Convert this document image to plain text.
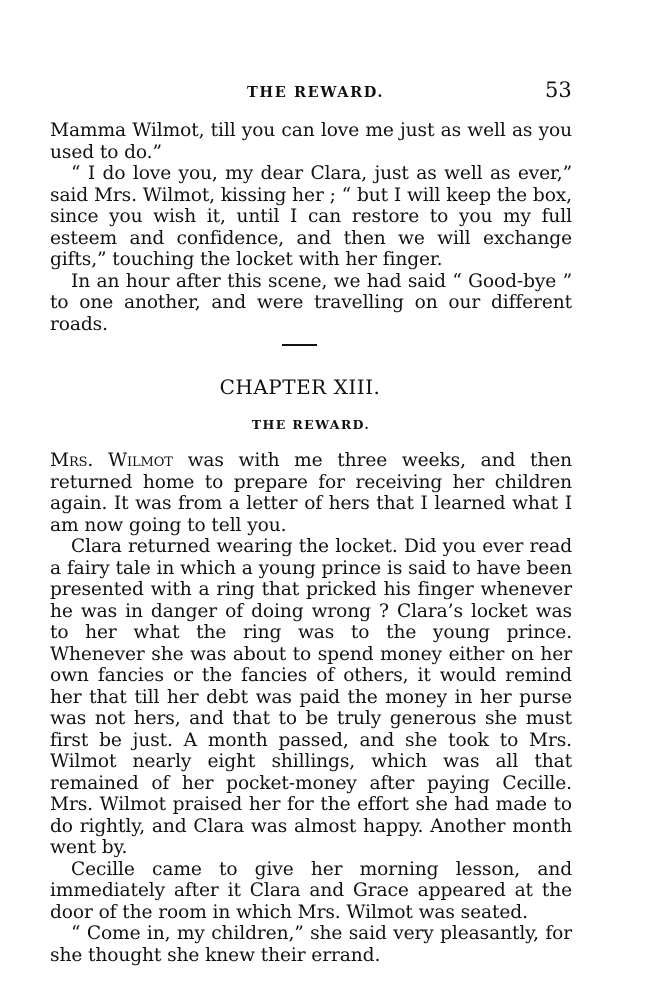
THE REWARD.	53

Mamma Wilmot, till you can love me just as well as you used to do.”

“ I do love you, my dear Clara, just as well as ever,” said Mrs. Wilmot, kissing her ; “ but I will keep the box, since you wish it, until I can restore to you my full esteem and confidence, and then we will exchange gifts,” touching the locket with her finger.

In an hour after this scene, we had said “ Good-bye ” to one another, and were travelling on our different roads.

CHAPTER XIII.
THE REWARD.

Mrs. Wilmot was with me three weeks, and then returned home to prepare for receiving her children again. It was from a letter of hers that I learned what I am now going to tell you.

Clara returned wearing the locket. Did you ever read a fairy tale in which a young prince is said to have been presented with a ring that pricked his finger whenever he was in danger of doing wrong ? Clara’s locket was to her what the ring was to the young prince. Whenever she was about to spend money either on her own fancies or the fancies of others, it would remind her that till her debt was paid the money in her purse was not hers, and that to be truly generous she must first be just. A month passed, and she took to Mrs. Wilmot nearly eight shillings, which was all that remained of her pocket-money after paying Cecille. Mrs. Wilmot praised her for the effort she had made to do rightly, and Clara was almost happy. Another month went by.

Cecille came to give her morning lesson, and immediately after it Clara and Grace appeared at the door of the room in which Mrs. Wilmot was seated.

“ Come in, my children,” she said very pleasantly, for she thought she knew their errand.
